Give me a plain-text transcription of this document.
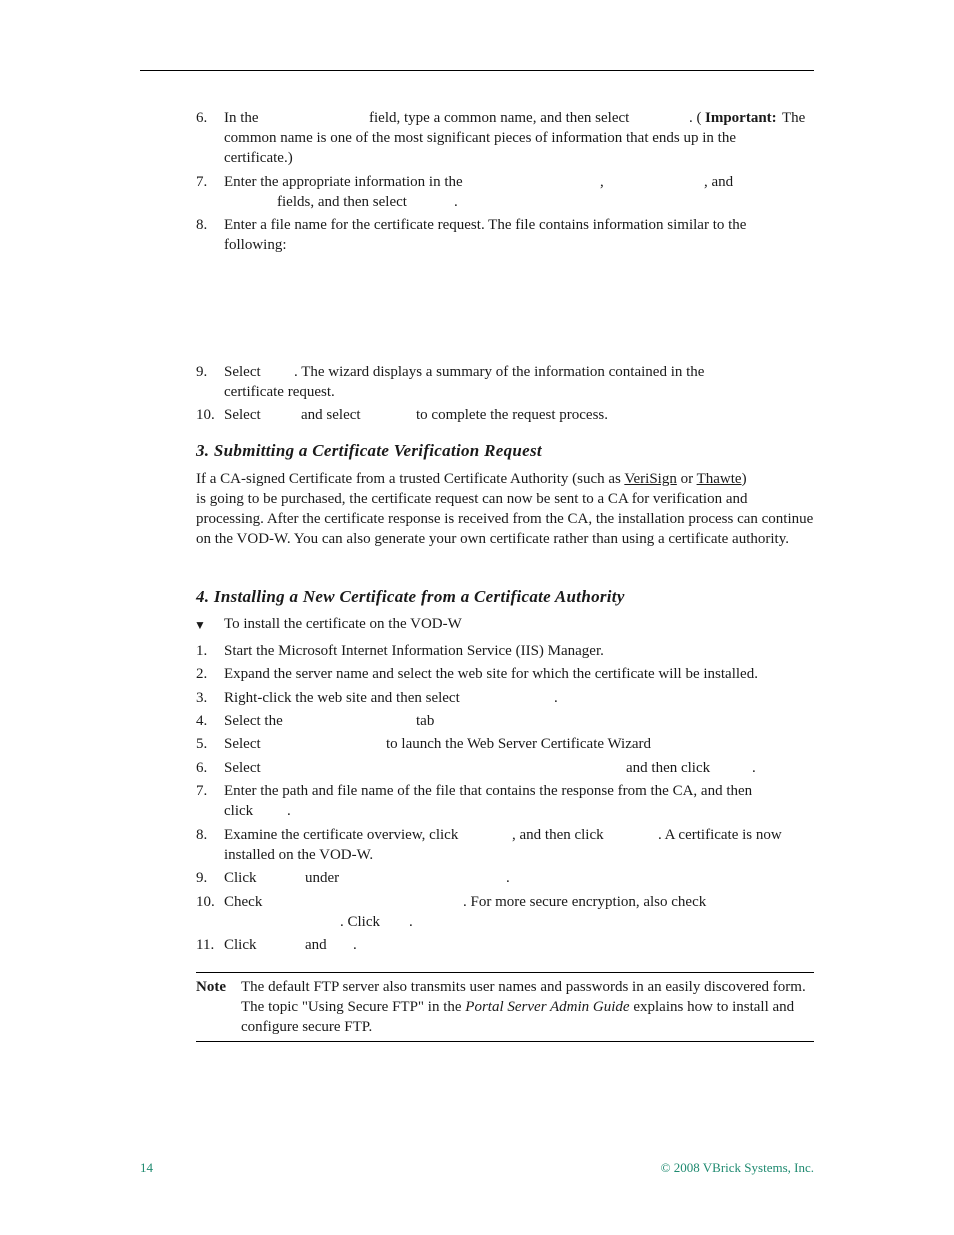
6. In the	field, type a common name, and then select	. ( Important: The
common name is one of the most significant pieces of information that ends up in the
certificate.)
7. Enter the appropriate information in the	,	, and
fields, and then select	.
8. Enter a file name for the certificate request. The file contains information similar to the
following:
9. Select . The wizard displays a summary of the information contained in the
certificate request.
10. Select	and select	to complete the request process.
3. Submitting a Certificate Verification Request
If a CA-signed Certificate from a trusted Certificate Authority (such as VeriSign or Thawte)
is going to be purchased, the certificate request can now be sent to a CA for verification and processing. After the certificate response is received from the CA, the installation process can continue on the VOD-W. You can also generate your own certificate rather than using a certificate authority.
4. Installing a New Certificate from a Certificate Authority
▼ To install the certificate on the VOD-W
1. Start the Microsoft Internet Information Service (IIS) Manager.
2. Expand the server name and select the web site for which the certificate will be installed.
3. Right-click the web site and then select	.
4. Select the	tab
5. Select	to launch the Web Server Certificate Wizard
6. Select	and then click	.
7. Enter the path and file name of the file that contains the response from the CA, and then
click .
8. Examine the certificate overview, click	, and then click	. A certificate is now
installed on the VOD-W.
9. Click	under	.
10. Check	. For more secure encryption, also check
. Click .
11. Click	and .
Note The default FTP server also transmits user names and passwords in an easily discovered form. The topic "Using Secure FTP" in the Portal Server Admin Guide explains how to install and configure secure FTP.
14	© 2008 VBrick Systems, Inc.
